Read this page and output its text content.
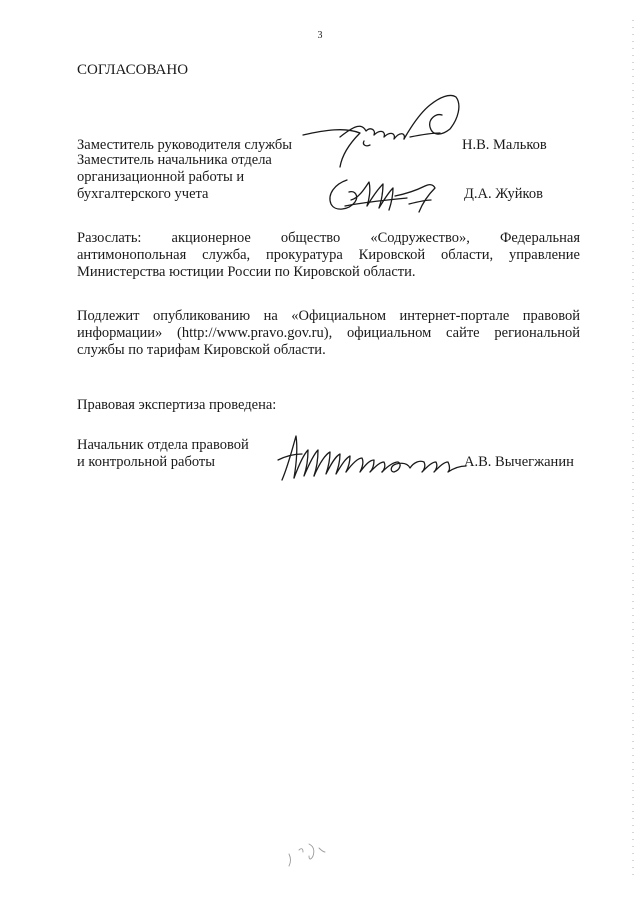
3
СОГЛАСОВАНО
Заместитель руководителя службы	Н.В. Мальков
Заместитель начальника отдела
организационной работы и
бухгалтерского учета	Д.А. Жуйков
Разослать: акционерное общество «Содружество», Федеральная антимонопольная служба, прокуратура Кировской области, управление Министерства юстиции России по Кировской области.
Подлежит опубликованию на «Официальном интернет-портале правовой информации» (http://www.pravo.gov.ru), официальном сайте региональной службы по тарифам Кировской области.
Правовая экспертиза проведена:
Начальник отдела правовой
и контрольной работы	А.В. Вычегжанин
